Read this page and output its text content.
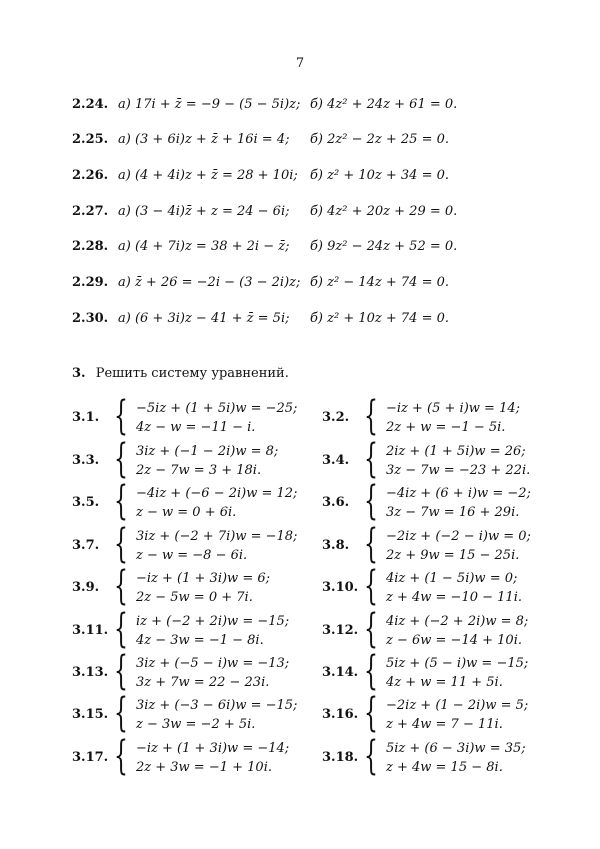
7
2.24. а) 17i + z̄ = −9 − (5 − 5i)z; б) 4z² + 24z + 61 = 0.
2.25. а) (3 + 6i)z + z̄ + 16i = 4; б) 2z² − 2z + 25 = 0.
2.26. а) (4 + 4i)z + z̄ = 28 + 10i; б) z² + 10z + 34 = 0.
2.27. а) (3 − 4i)z̄ + z = 24 − 6i; б) 4z² + 20z + 29 = 0.
2.28. а) (4 + 7i)z = 38 + 2i − z̄; б) 9z² − 24z + 52 = 0.
2.29. а) z̄ + 26 = −2i − (3 − 2i)z; б) z² − 14z + 74 = 0.
2.30. а) (6 + 3i)z − 41 + z̄ = 5i; б) z² + 10z + 74 = 0.
3. Решить систему уравнений.
3.1. { −5iz + (1 + 5i)w = −25;
4z − w = −11 − i.
3.2. { −iz + (5 + i)w = 14;
2z + w = −1 − 5i.
3.3. { 3iz + (−1 − 2i)w = 8;
2z − 7w = 3 + 18i.
3.4. { 2iz + (1 + 5i)w = 26;
3z − 7w = −23 + 22i.
3.5. { −4iz + (−6 − 2i)w = 12;
z − w = 0 + 6i.
3.6. { −4iz + (6 + i)w = −2;
3z − 7w = 16 + 29i.
3.7. { 3iz + (−2 + 7i)w = −18;
z − w = −8 − 6i.
3.8. { −2iz + (−2 − i)w = 0;
2z + 9w = 15 − 25i.
3.9. { −iz + (1 + 3i)w = 6;
2z − 5w = 0 + 7i.
3.10. { 4iz + (1 − 5i)w = 0;
z + 4w = −10 − 11i.
3.11. { iz + (−2 + 2i)w = −15;
4z − 3w = −1 − 8i.
3.12. { 4iz + (−2 + 2i)w = 8;
z − 6w = −14 + 10i.
3.13. { 3iz + (−5 − i)w = −13;
3z + 7w = 22 − 23i.
3.14. { 5iz + (5 − i)w = −15;
4z + w = 11 + 5i.
3.15. { 3iz + (−3 − 6i)w = −15;
z − 3w = −2 + 5i.
3.16. { −2iz + (1 − 2i)w = 5;
z + 4w = 7 − 11i.
3.17. { −iz + (1 + 3i)w = −14;
2z + 3w = −1 + 10i.
3.18. { 5iz + (6 − 3i)w = 35;
z + 4w = 15 − 8i.
